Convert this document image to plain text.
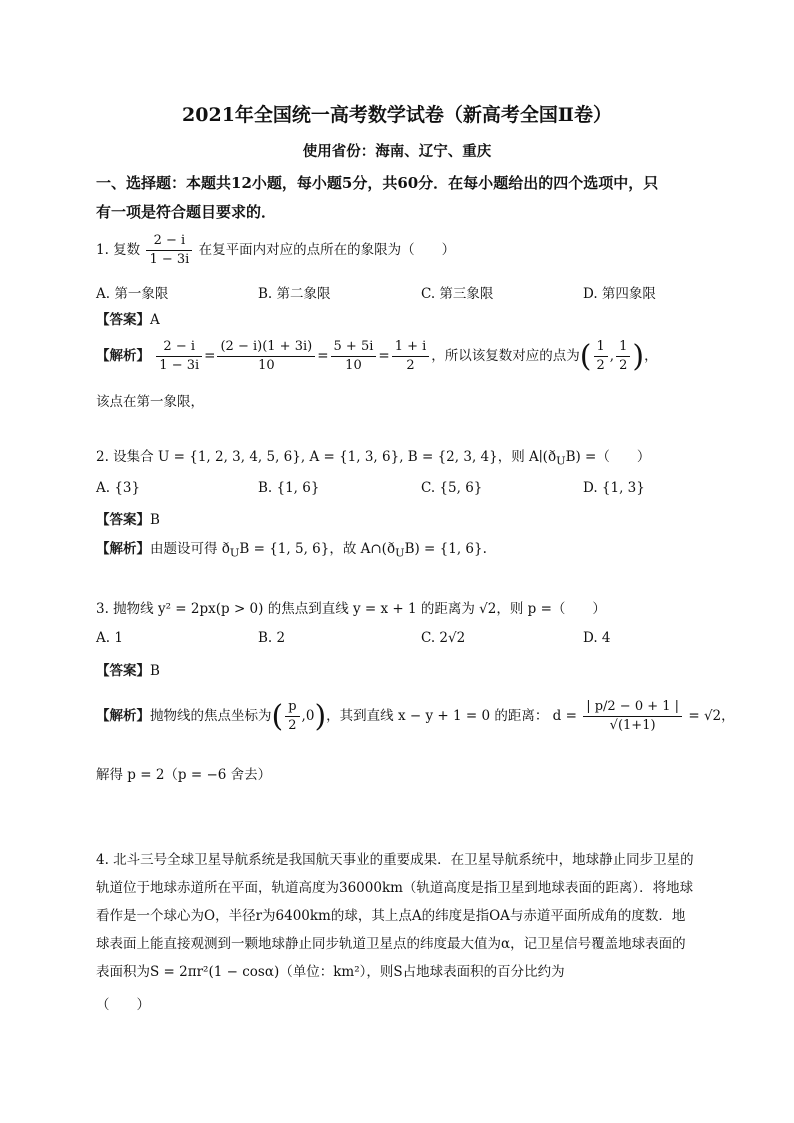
2021年全国统一高考数学试卷（新高考全国Ⅱ卷）
使用省份：海南、辽宁、重庆
一、选择题：本题共12小题，每小题5分，共60分．在每小题给出的四个选项中，只
有一项是符合题目要求的．
1. 复数 $\frac{2 - i}{1 - 3i}$ 在复平面内对应的点所在的象限为（　　）
A. 第一象限	B. 第二象限	C. 第三象限	D. 第四象限
【答案】A
【解析】 $\frac{2 - i}{1 - 3i} = \frac{(2 - i)(1 + 3i)}{10} = \frac{5 + 5i}{10} = \frac{1 + i}{2}$ ，所以该复数对应的点为( $\frac{1}{2}$ , $\frac{1}{2}$ )，
该点在第一象限，
2. 设集合 U = {1, 2, 3, 4, 5, 6}, A = {1, 3, 6}, B = {2, 3, 4}，则 $A∣(ð_UB)$ =（　　）
A. {3}	B. {1, 6}	C. {5, 6}	D. {1, 3}
【答案】B
【解析】由题设可得 $ð_UB = \{1$, 5, 6}，故 $A\cap(ð_UB) = \{1$, 6}.
3. 抛物线 y² = 2px(p > 0) 的焦点到直线 y = x + 1 的距离为 √2，则 p =（　　）
A. 1	B. 2	C. 2√2	D. 4
【答案】B
【解析】抛物线的焦点坐标为( $\frac{p}{2} ,0$)，其到直线 x − y + 1 = 0 的距离： $d = \frac{| p/2 - 0 + 1 |}{√(1+1)} = √2$，
解得 p = 2（p = −6 舍去）
4. 北斗三号全球卫星导航系统是我国航天事业的重要成果．在卫星导航系统中，地球静止同步卫星的轨道位于地球赤道所在平面，轨道高度为36000km（轨道高度是指卫星到地球表面的距离）．将地球看作是一个球心为O，半径r为6400km的球，其上点A的纬度是指OA与赤道平面所成角的度数．地球表面上能直接观测到一颗地球静止同步轨道卫星点的纬度最大值为α，记卫星信号覆盖地球表面的表面积为S = 2πr²(1 − cosα)（单位：km²），则S占地球表面积的百分比约为
（　　）
